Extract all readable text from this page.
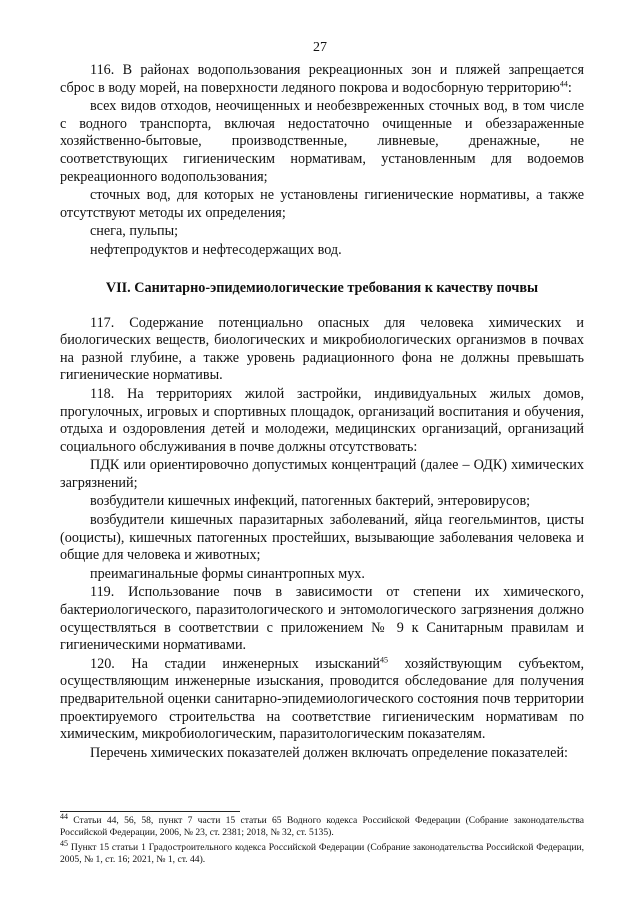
27

116. В районах водопользования рекреационных зон и пляжей запрещается сброс в воду морей, на поверхности ледяного покрова и водосборную территорию$^{44}$:

всех видов отходов, неочищенных и необезвреженных сточных вод, в том числе с водного транспорта, включая недостаточно очищенные и обеззараженные хозяйственно-бытовые, производственные, ливневые, дренажные, не соответствующих гигиеническим нормативам, установленным для водоемов рекреационного водопользования;

сточных вод, для которых не установлены гигиенические нормативы, а также отсутствуют методы их определения;

снега, пульпы;

нефтепродуктов и нефтесодержащих вод.

VII. Санитарно-эпидемиологические требования к качеству почвы

117. Содержание потенциально опасных для человека химических и биологических веществ, биологических и микробиологических организмов в почвах на разной глубине, а также уровень радиационного фона не должны превышать гигиенические нормативы.

118. На территориях жилой застройки, индивидуальных жилых домов, прогулочных, игровых и спортивных площадок, организаций воспитания и обучения, отдыха и оздоровления детей и молодежи, медицинских организаций, организаций социального обслуживания в почве должны отсутствовать:

ПДК или ориентировочно допустимых концентраций (далее – ОДК) химических загрязнений;

возбудители кишечных инфекций, патогенных бактерий, энтеровирусов;

возбудители кишечных паразитарных заболеваний, яйца геогельминтов, цисты (ооцисты), кишечных патогенных простейших, вызывающие заболевания человека и общие для человека и животных;

преимагинальные формы синантропных мух.

119. Использование почв в зависимости от степени их химического, бактериологического, паразитологического и энтомологического загрязнения должно осуществляться в соответствии с приложением № 9 к Санитарным правилам и гигиеническими нормативами.

120. На стадии инженерных изысканий$^{45}$ хозяйствующим субъектом, осуществляющим инженерные изыскания, проводится обследование для получения предварительной оценки санитарно-эпидемиологического состояния почв территории проектируемого строительства на соответствие гигиеническим нормативам по химическим, микробиологическим, паразитологическим показателям.

Перечень химических показателей должен включать определение показателей:

$^{44}$ Статьи 44, 56, 58, пункт 7 части 15 статьи 65 Водного кодекса Российской Федерации (Собрание законодательства Российской Федерации, 2006, № 23, ст. 2381; 2018, № 32, ст. 5135).

$^{45}$ Пункт 15 статьи 1 Градостроительного кодекса Российской Федерации (Собрание законодательства Российской Федерации, 2005, № 1, ст. 16; 2021, № 1, ст. 44).
